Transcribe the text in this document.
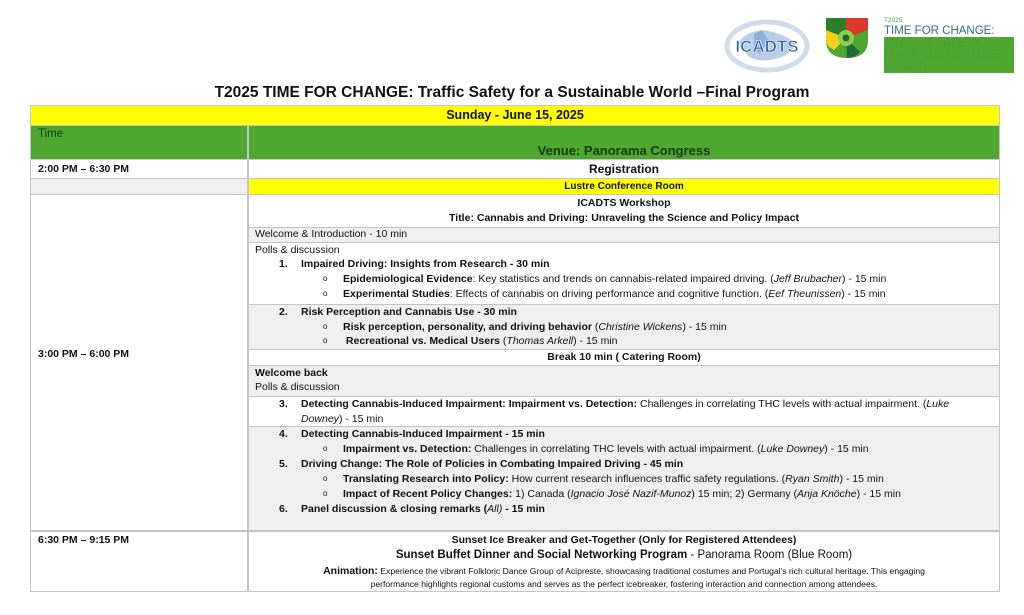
ICADTS
T2025
TIME FOR CHANGE:
TRAFFIC SAFETY
FOR A SUSTAINABLE
WORLD
T2025 TIME FOR CHANGE: Traffic Safety for a Sustainable World –Final Program
Sunday - June 15, 2025
Time
Venue: Panorama Congress
2:00 PM – 6:30 PM	Registration
Lustre Conference Room
3:00 PM – 6:00 PM
ICADTS Workshop
Title: Cannabis and Driving: Unraveling the Science and Policy Impact
Welcome & Introduction - 10 min
Polls & discussion
1. Impaired Driving: Insights from Research - 30 min
o Epidemiological Evidence: Key statistics and trends on cannabis-related impaired driving. (Jeff Brubacher) - 15 min
o Experimental Studies: Effects of cannabis on driving performance and cognitive function. (Eef Theunissen) - 15 min
2. Risk Perception and Cannabis Use - 30 min
o Risk perception, personality, and driving behavior (Christine Wickens) - 15 min
o Recreational vs. Medical Users (Thomas Arkell) - 15 min
Break 10 min ( Catering Room)
Welcome back
Polls & discussion
3. Detecting Cannabis-Induced Impairment: Impairment vs. Detection: Challenges in correlating THC levels with actual impairment. (Luke
Downey) - 15 min
4. Detecting Cannabis-Induced Impairment - 15 min
o Impairment vs. Detection: Challenges in correlating THC levels with actual impairment. (Luke Downey) - 15 min
5. Driving Change: The Role of Policies in Combating Impaired Driving - 45 min
o Translating Research into Policy: How current research influences traffic safety regulations. (Ryan Smith) - 15 min
o Impact of Recent Policy Changes: 1) Canada (Ignacio José Nazif-Munoz) 15 min; 2) Germany (Anja Knöche) - 15 min
6. Panel discussion & closing remarks (All) - 15 min
6:30 PM – 9:15 PM	Sunset Ice Breaker and Get-Together (Only for Registered Attendees)
Sunset Buffet Dinner and Social Networking Program - Panorama Room (Blue Room)
Animation: Experience the vibrant Folkloric Dance Group of Acipreste, showcasing traditional costumes and Portugal's rich cultural heritage. This engaging
performance highlights regional customs and serves as the perfect icebreaker, fostering interaction and connection among attendees.
